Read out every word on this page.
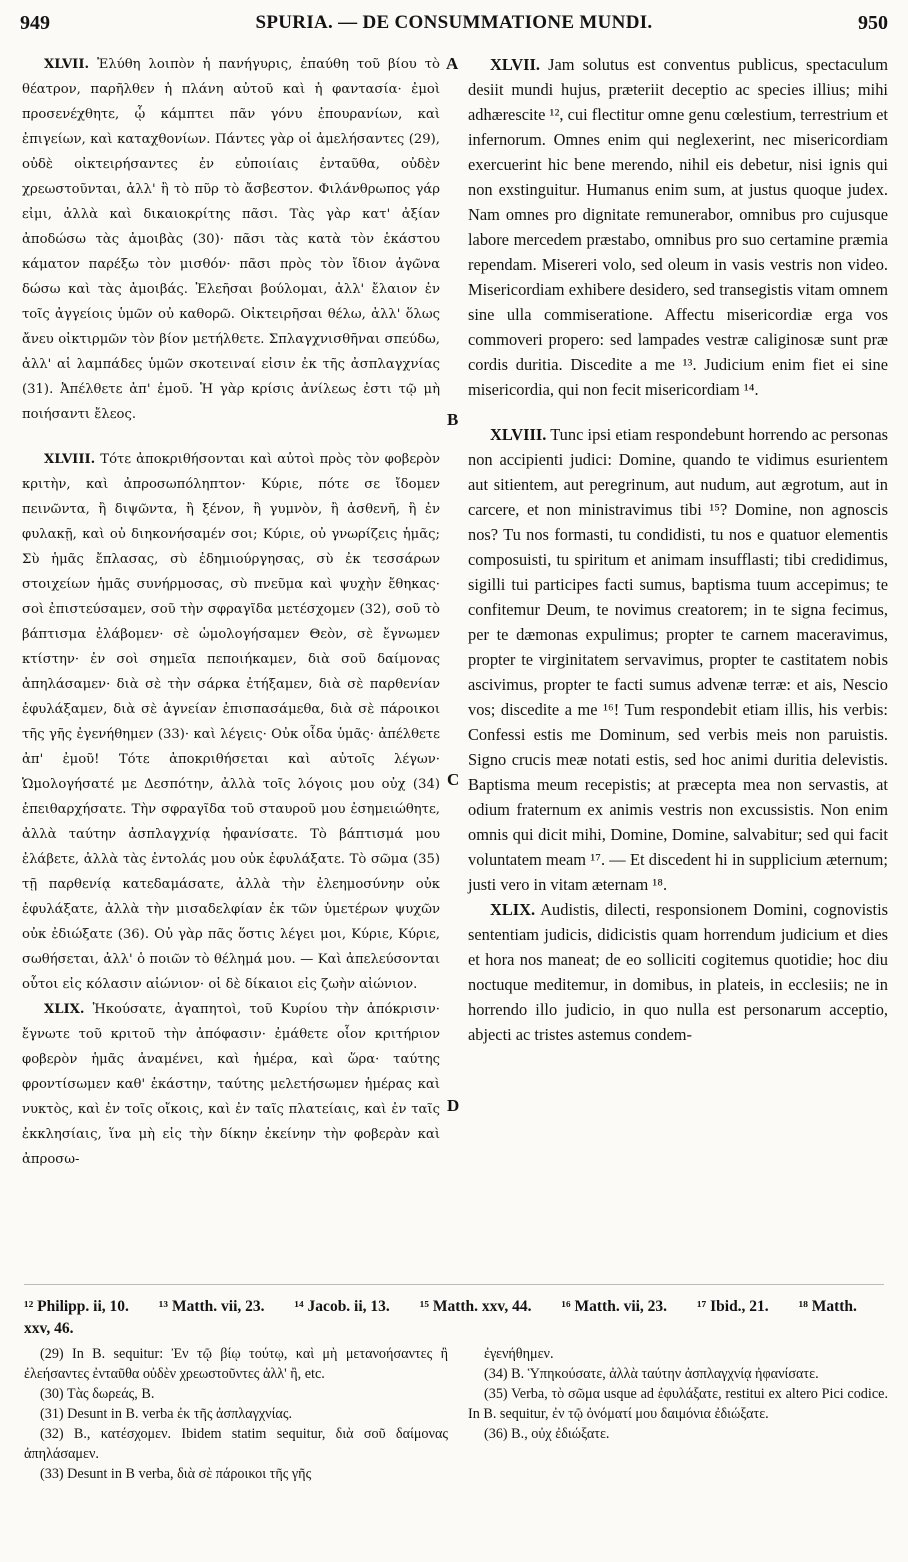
949	SPURIA. — DE CONSUMMATIONE MUNDI.	950

XLVII. Ἐλύθη λοιπὸν ἡ πανήγυρις, ἐπαύθη τοῦ βίου τὸ θέατρον, παρῆλθεν ἡ πλάνη αὐτοῦ καὶ ἡ φαντασία· ἐμοὶ προσενέχθητε, ᾧ κάμπτει πᾶν γόνυ ἐπουρανίων, καὶ ἐπιγείων, καὶ καταχθονίων. Πάντες γὰρ οἱ ἀμελήσαντες (29), οὐδὲ οἰκτειρήσαντες ἐν εὐποιίαις ἐνταῦθα, οὐδὲν χρεωστοῦνται, ἀλλ' ἢ τὸ πῦρ τὸ ἄσβεστον. Φιλάνθρωπος γάρ εἰμι, ἀλλὰ καὶ δικαιοκρίτης πᾶσι. Τὰς γὰρ κατ' ἀξίαν ἀποδώσω τὰς ἀμοιβὰς (30)· πᾶσι τὰς κατὰ τὸν ἑκάστου κάματον παρέξω τὸν μισθόν· πᾶσι πρὸς τὸν ἴδιον ἀγῶνα δώσω καὶ τὰς ἀμοιβάς. Ἐλεῆσαι βούλομαι, ἀλλ' ἔλαιον ἐν τοῖς ἀγγείοις ὑμῶν οὐ καθορῶ. Οἰκτειρῆσαι θέλω, ἀλλ' ὅλως ἄνευ οἰκτιρμῶν τὸν βίον μετήλθετε. Σπλαγχνισθῆναι σπεύδω, ἀλλ' αἱ λαμπάδες ὑμῶν σκοτειναί εἰσιν ἐκ τῆς ἀσπλαγχνίας (31). Ἀπέλθετε ἀπ' ἐμοῦ. Ἡ γὰρ κρίσις ἀνίλεως ἐστι τῷ μὴ ποιήσαντι ἔλεος.

XLVIII. Τότε ἀποκριθήσονται καὶ αὐτοὶ πρὸς τὸν φοβερὸν κριτὴν, καὶ ἀπροσωπόληπτον· Κύριε, πότε σε ἴδομεν πεινῶντα, ἢ διψῶντα, ἢ ξένον, ἢ γυμνὸν, ἢ ἀσθενῆ, ἢ ἐν φυλακῇ, καὶ οὐ διηκονήσαμέν σοι; Κύριε, οὐ γνωρίζεις ἡμᾶς; Σὺ ἡμᾶς ἔπλασας, σὺ ἐδημιούργησας, σὺ ἐκ τεσσάρων στοιχείων ἡμᾶς συνήρμοσας, σὺ πνεῦμα καὶ ψυχὴν ἔθηκας· σοὶ ἐπιστεύσαμεν, σοῦ τὴν σφραγῖδα μετέσχομεν (32), σοῦ τὸ βάπτισμα ἐλάβομεν· σὲ ὡμολογήσαμεν Θεὸν, σὲ ἔγνωμεν κτίστην· ἐν σοὶ σημεῖα πεποιήκαμεν, διὰ σοῦ δαίμονας ἀπηλάσαμεν· διὰ σὲ τὴν σάρκα ἐτήξαμεν, διὰ σὲ παρθενίαν ἐφυλάξαμεν, διὰ σὲ ἁγνείαν ἐπισπασάμεθα, διὰ σὲ πάροικοι τῆς γῆς ἐγενήθημεν (33)· καὶ λέγεις· Οὐκ οἶδα ὑμᾶς· ἀπέλθετε ἀπ' ἐμοῦ! Τότε ἀποκριθήσεται καὶ αὐτοῖς λέγων· Ὡμολογήσατέ με Δεσπότην, ἀλλὰ τοῖς λόγοις μου οὐχ (34) ἐπειθαρχήσατε. Τὴν σφραγῖδα τοῦ σταυροῦ μου ἐσημειώθητε, ἀλλὰ ταύτην ἀσπλαγχνίᾳ ἠφανίσατε. Τὸ βάπτισμά μου ἐλάβετε, ἀλλὰ τὰς ἐντολάς μου οὐκ ἐφυλάξατε. Τὸ σῶμα (35) τῇ παρθενίᾳ κατεδαμάσατε, ἀλλὰ τὴν ἐλεημοσύνην οὐκ ἐφυλάξατε, ἀλλὰ τὴν μισαδελφίαν ἐκ τῶν ὑμετέρων ψυχῶν οὐκ ἐδιώξατε (36). Οὐ γὰρ πᾶς ὅστις λέγει μοι, Κύριε, Κύριε, σωθήσεται, ἀλλ' ὁ ποιῶν τὸ θέλημά μου. — Καὶ ἀπελεύσονται οὗτοι εἰς κόλασιν αἰώνιον· οἱ δὲ δίκαιοι εἰς ζωὴν αἰώνιον.

XLIX. Ἠκούσατε, ἀγαπητοὶ, τοῦ Κυρίου τὴν ἀπόκρισιν· ἔγνωτε τοῦ κριτοῦ τὴν ἀπόφασιν· ἐμάθετε οἷον κριτήριον φοβερὸν ἡμᾶς ἀναμένει, καὶ ἡμέρα, καὶ ὥρα· ταύτης φροντίσωμεν καθ' ἑκάστην, ταύτης μελετήσωμεν ἡμέρας καὶ νυκτὸς, καὶ ἐν τοῖς οἴκοις, καὶ ἐν ταῖς πλατείαις, καὶ ἐν ταῖς ἐκκλησίαις, ἵνα μὴ εἰς τὴν δίκην ἐκείνην τὴν φοβερὰν καὶ ἀπροσω-

A
B
C
D

XLVII. Jam solutus est conventus publicus, spectaculum desiit mundi hujus, præteriit deceptio ac species illius; mihi adhærescite ¹², cui flectitur omne genu cœlestium, terrestrium et infernorum. Omnes enim qui neglexerint, nec misericordiam exercuerint hic bene merendo, nihil eis debetur, nisi ignis qui non exstinguitur. Humanus enim sum, at justus quoque judex. Nam omnes pro dignitate remunerabor, omnibus pro cujusque labore mercedem præstabo, omnibus pro suo certamine præmia rependam. Misereri volo, sed oleum in vasis vestris non video. Misericordiam exhibere desidero, sed transegistis vitam omnem sine ulla commiseratione. Affectu misericordiæ erga vos commoveri propero: sed lampades vestræ caliginosæ sunt præ cordis duritia. Discedite a me ¹³. Judicium enim fiet ei sine misericordia, qui non fecit misericordiam ¹⁴.

XLVIII. Tunc ipsi etiam respondebunt horrendo ac personas non accipienti judici: Domine, quando te vidimus esurientem aut sitientem, aut peregrinum, aut nudum, aut ægrotum, aut in carcere, et non ministravimus tibi ¹⁵? Domine, non agnoscis nos? Tu nos formasti, tu condidisti, tu nos e quatuor elementis composuisti, tu spiritum et animam insufflasti; tibi credidimus, sigilli tui participes facti sumus, baptisma tuum accepimus; te confitemur Deum, te novimus creatorem; in te signa fecimus, per te dæmonas expulimus; propter te carnem maceravimus, propter te virginitatem servavimus, propter te castitatem nobis ascivimus, propter te facti sumus advenæ terræ: et ais, Nescio vos; discedite a me ¹⁶! Tum respondebit etiam illis, his verbis: Confessi estis me Dominum, sed verbis meis non paruistis. Signo crucis meæ notati estis, sed hoc animi duritia delevistis. Baptisma meum recepistis; at præcepta mea non servastis, at odium fraternum ex animis vestris non excussistis. Non enim omnis qui dicit mihi, Domine, Domine, salvabitur; sed qui facit voluntatem meam ¹⁷. — Et discedent hi in supplicium æternum; justi vero in vitam æternam ¹⁸.

XLIX. Audistis, dilecti, responsionem Domini, cognovistis sententiam judicis, didicistis quam horrendum judicium et dies et hora nos maneat; de eo solliciti cogitemus quotidie; hoc diu noctuque meditemur, in domibus, in plateis, in ecclesiis; ne in horrendo illo judicio, in quo nulla est personarum acceptio, abjecti ac tristes astemus condem-

¹² Philipp. ii, 10. ¹³ Matth. vii, 23. ¹⁴ Jacob. ii, 13. ¹⁵ Matth. xxv, 44. ¹⁶ Matth. vii, 23. ¹⁷ Ibid., 21. ¹⁸ Matth. xxv, 46.

(29) In B. sequitur: Ἐν τῷ βίῳ τούτῳ, καὶ μὴ μετανοήσαντες ἢ ἐλεήσαντες ἐνταῦθα οὐδὲν χρεωστοῦντες ἀλλ' ἢ, etc.

(30) Τὰς δωρεάς, B.

(31) Desunt in B. verba ἐκ τῆς ἀσπλαγχνίας.

(32) B., κατέσχομεν. Ibidem statim sequitur, διὰ σοῦ δαίμονας ἀπηλάσαμεν.

(33) Desunt in B verba, διὰ σὲ πάροικοι τῆς γῆς

ἐγενήθημεν.

(34) B. Ὑπηκούσατε, ἀλλὰ ταύτην ἀσπλαγχνίᾳ ἠφανίσατε.

(35) Verba, τὸ σῶμα usque ad ἐφυλάξατε, restitui ex altero Pici codice. In B. sequitur, ἐν τῷ ὀνόματί μου δαιμόνια ἐδιώξατε.

(36) B., οὐχ ἐδιώξατε.
